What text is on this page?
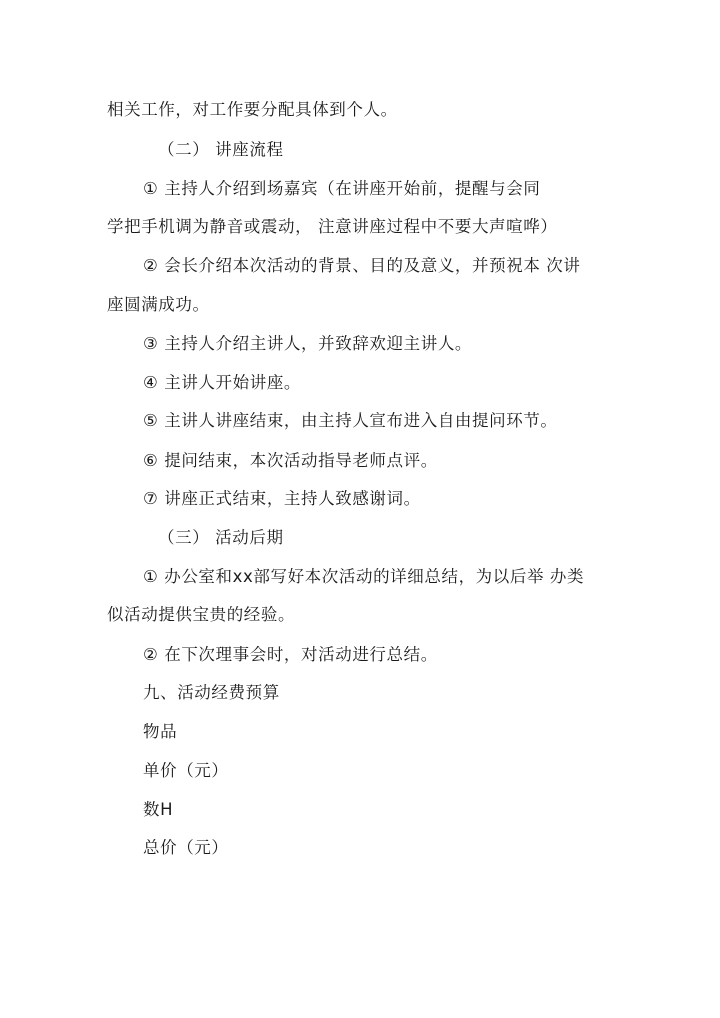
相关工作，对工作要分配具体到个人。
（二） 讲座流程
① 主持人介绍到场嘉宾（在讲座开始前，提醒与会同
学把手机调为静音或震动， 注意讲座过程中不要大声喧哗）
② 会长介绍本次活动的背景、目的及意义，并预祝本 次讲
座圆满成功。
③ 主持人介绍主讲人，并致辞欢迎主讲人。
④ 主讲人开始讲座。
⑤ 主讲人讲座结束，由主持人宣布进入自由提问环节。
⑥ 提问结束，本次活动指导老师点评。
⑦ 讲座正式结束，主持人致感谢词。
（三） 活动后期
① 办公室和xx部写好本次活动的详细总结，为以后举 办类
似活动提供宝贵的经验。
② 在下次理事会时，对活动进行总结。
九、活动经费预算
物品
单价（元）
数H
总价（元）
